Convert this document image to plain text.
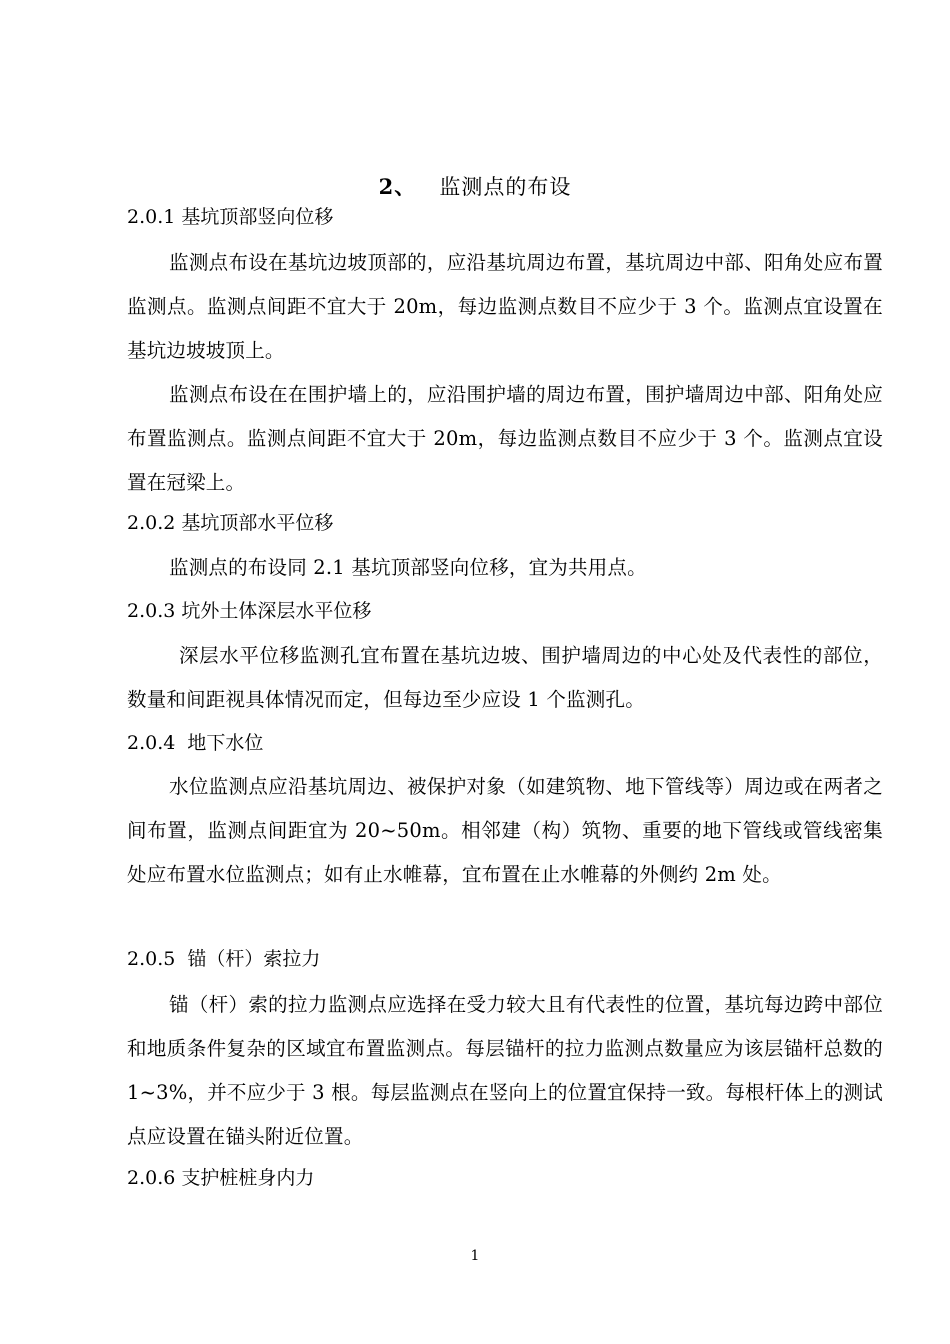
2、 监测点的布设
2.0.1 基坑顶部竖向位移

监测点布设在基坑边坡顶部的，应沿基坑周边布置，基坑周边中部、阳角处应布置监测点。监测点间距不宜大于 20m，每边监测点数目不应少于 3 个。监测点宜设置在基坑边坡坡顶上。

监测点布设在在围护墙上的，应沿围护墙的周边布置，围护墙周边中部、阳角处应布置监测点。监测点间距不宜大于 20m，每边监测点数目不应少于 3 个。监测点宜设置在冠梁上。

2.0.2 基坑顶部水平位移

监测点的布设同 2.1 基坑顶部竖向位移，宜为共用点。

2.0.3 坑外土体深层水平位移

深层水平位移监测孔宜布置在基坑边坡、围护墙周边的中心处及代表性的部位，数量和间距视具体情况而定，但每边至少应设 1 个监测孔。

2.0.4  地下水位

水位监测点应沿基坑周边、被保护对象（如建筑物、地下管线等）周边或在两者之间布置，监测点间距宜为 20~50m。相邻建（构）筑物、重要的地下管线或管线密集处应布置水位监测点；如有止水帷幕，宜布置在止水帷幕的外侧约 2m 处。

2.0.5  锚（杆）索拉力

锚（杆）索的拉力监测点应选择在受力较大且有代表性的位置，基坑每边跨中部位和地质条件复杂的区域宜布置监测点。每层锚杆的拉力监测点数量应为该层锚杆总数的 1~3%，并不应少于 3 根。每层监测点在竖向上的位置宜保持一致。每根杆体上的测试点应设置在锚头附近位置。

2.0.6 支护桩桩身内力
1
